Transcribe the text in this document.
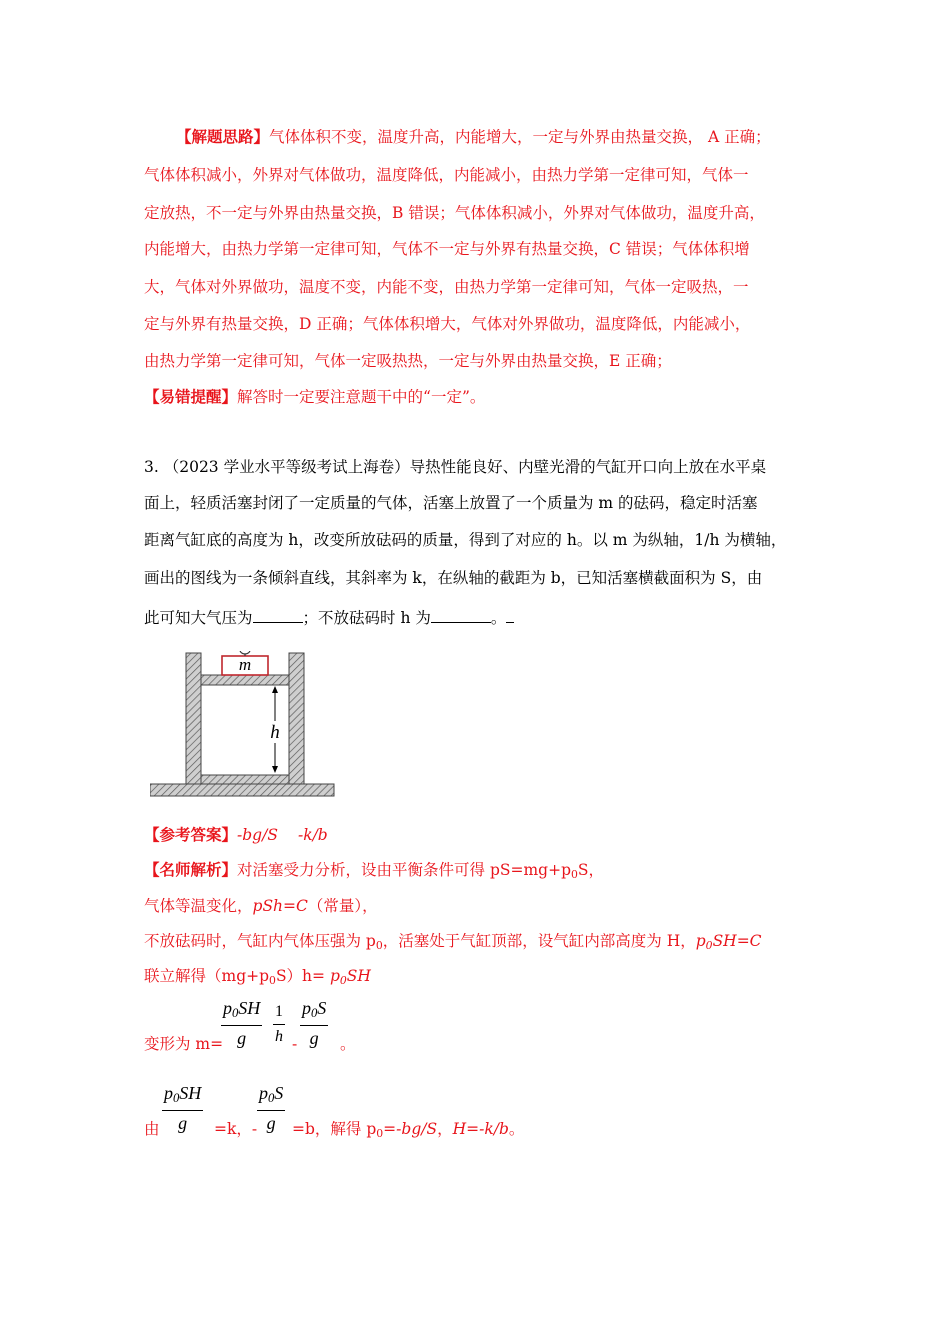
【解题思路】气体体积不变，温度升高，内能增大，一定与外界由热量交换， A 正确；
气体体积减小，外界对气体做功，温度降低，内能减小，由热力学第一定律可知，气体一
定放热，不一定与外界由热量交换，B 错误；气体体积减小，外界对气体做功，温度升高，
内能增大，由热力学第一定律可知，气体不一定与外界有热量交换，C 错误；气体体积增
大，气体对外界做功，温度不变，内能不变，由热力学第一定律可知，气体一定吸热，一
定与外界有热量交换，D 正确；气体体积增大，气体对外界做功，温度降低，内能减小，
由热力学第一定律可知，气体一定吸热热，一定与外界由热量交换，E 正确；
【易错提醒】解答时一定要注意题干中的“一定”。
3. （2023 学业水平等级考试上海卷）导热性能良好、内壁光滑的气缸开口向上放在水平桌
面上，轻质活塞封闭了一定质量的气体，活塞上放置了一个质量为 m 的砝码，稳定时活塞
距离气缸底的高度为 h，改变所放砝码的质量，得到了对应的 h。以 m 为纵轴，1/h 为横轴，
画出的图线为一条倾斜直线，其斜率为 k，在纵轴的截距为 b，已知活塞横截面积为 S，由
此可知大气压为	；不放砝码时 h 为	。
m
h
【参考答案】-bg/S -k/b
【名师解析】对活塞受力分析，设由平衡条件可得 $pS=mg+p_0S$，
气体等温变化，pSh=C（常量），
不放砝码时，气缸内气体压强为 $p_0$，活塞处于气缸顶部，设气缸内部高度为 H，$p_0SH=C$
联立解得$(mg+p_0S)h= p_0SH$
$\frac{p_0SH}{g} \frac{1}{h} \frac{p_0S}{g}$
变形为 m=	-	。
$\frac{p_0SH}{g}$	$\frac{p_0S}{g}$
由	=k，- =b，解得 $p_0=-bg/S$，H=-k/b。
